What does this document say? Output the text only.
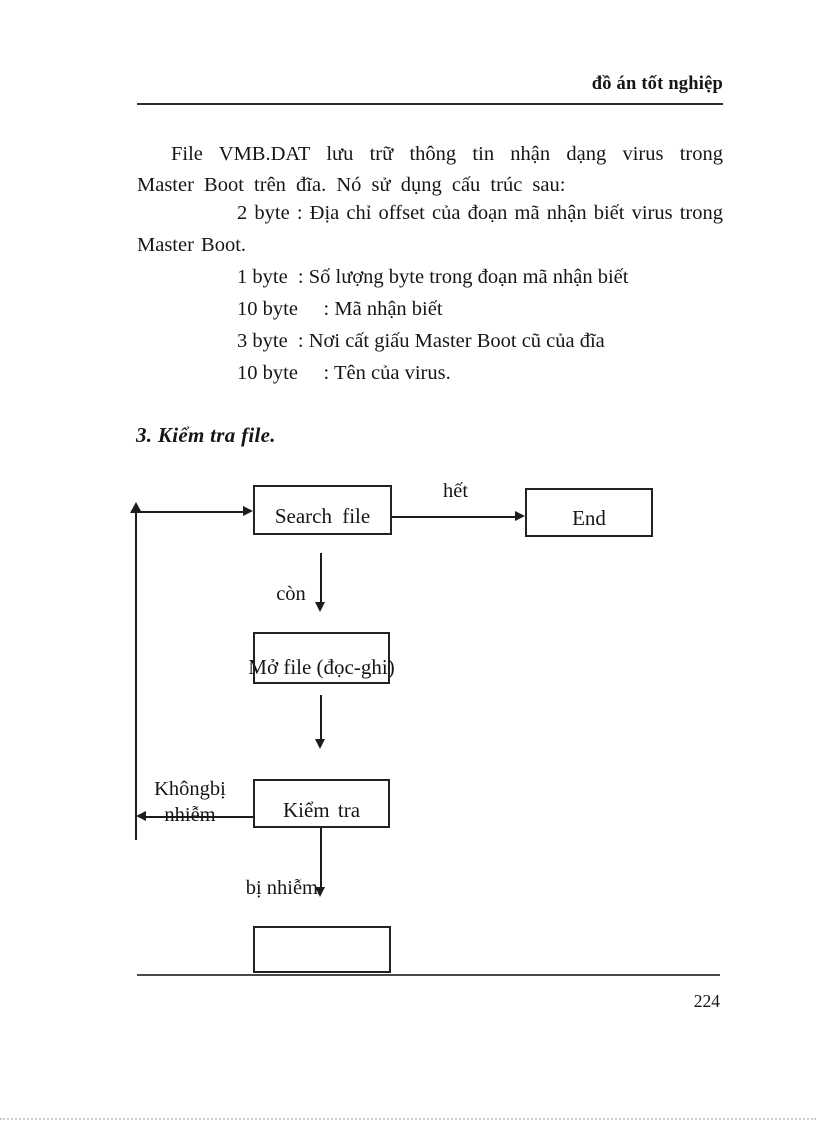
đồ án tốt nghiệp

File VMB.DAT lưu trữ thông tin nhận dạng virus trong Master Boot trên đĩa. Nó sử dụng cấu trúc sau:

2 byte : Địa chỉ offset của đoạn mã nhận biết virus trong Master Boot.

1 byte  : Số lượng byte trong đoạn mã nhận biết

10 byte     : Mã nhận biết

3 byte  : Nơi cất giấu Master Boot cũ của đĩa

10 byte     : Tên của virus.

3. Kiểm tra file.
hết
còn
Khôngbị
nhiễm
bị nhiễm
Search file	End
Mở file (đọc-ghi)
Kiểm tra
224
